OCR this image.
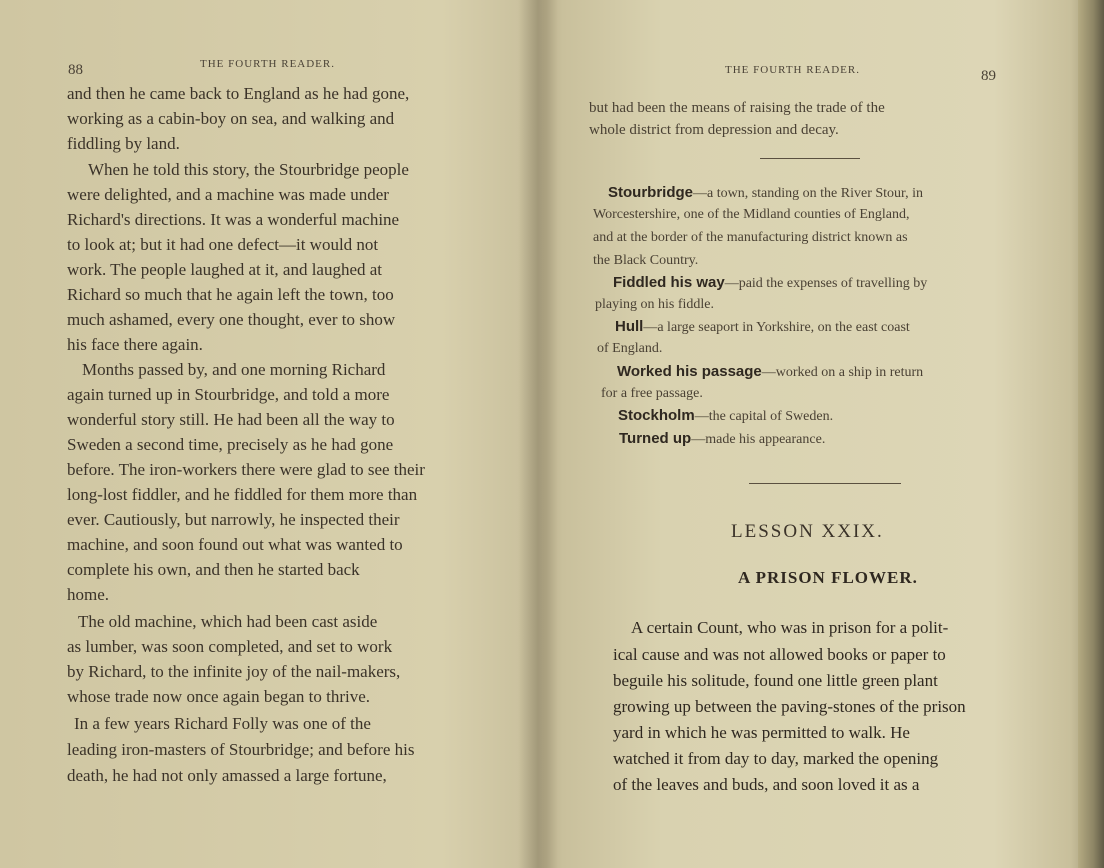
88	THE FOURTH READER.
and then he came back to England as he had gone,
working as a cabin-boy on sea, and walking and
fiddling by land.
When he told this story, the Stourbridge people
were delighted, and a machine was made under
Richard's directions. It was a wonderful machine
to look at; but it had one defect—it would not
work. The people laughed at it, and laughed at
Richard so much that he again left the town, too
much ashamed, every one thought, ever to show
his face there again.
Months passed by, and one morning Richard
again turned up in Stourbridge, and told a more
wonderful story still. He had been all the way to
Sweden a second time, precisely as he had gone
before. The iron-workers there were glad to see their
long-lost fiddler, and he fiddled for them more than
ever. Cautiously, but narrowly, he inspected their
machine, and soon found out what was wanted to
complete his own, and then he started back
home.
The old machine, which had been cast aside
as lumber, was soon completed, and set to work
by Richard, to the infinite joy of the nail-makers,
whose trade now once again began to thrive.
In a few years Richard Folly was one of the
leading iron-masters of Stourbridge; and before his
death, he had not only amassed a large fortune,
THE FOURTH READER.	89
but had been the means of raising the trade of the
whole district from depression and decay.
Stourbridge—a town, standing on the River Stour, in
Worcestershire, one of the Midland counties of England,
and at the border of the manufacturing district known as
the Black Country.
Fiddled his way—paid the expenses of travelling by
playing on his fiddle.
Hull—a large seaport in Yorkshire, on the east coast
of England.
Worked his passage—worked on a ship in return
for a free passage.
Stockholm—the capital of Sweden.
Turned up—made his appearance.
LESSON XXIX.
A PRISON FLOWER.
A certain Count, who was in prison for a polit-
ical cause and was not allowed books or paper to
beguile his solitude, found one little green plant
growing up between the paving-stones of the prison
yard in which he was permitted to walk. He
watched it from day to day, marked the opening
of the leaves and buds, and soon loved it as a
